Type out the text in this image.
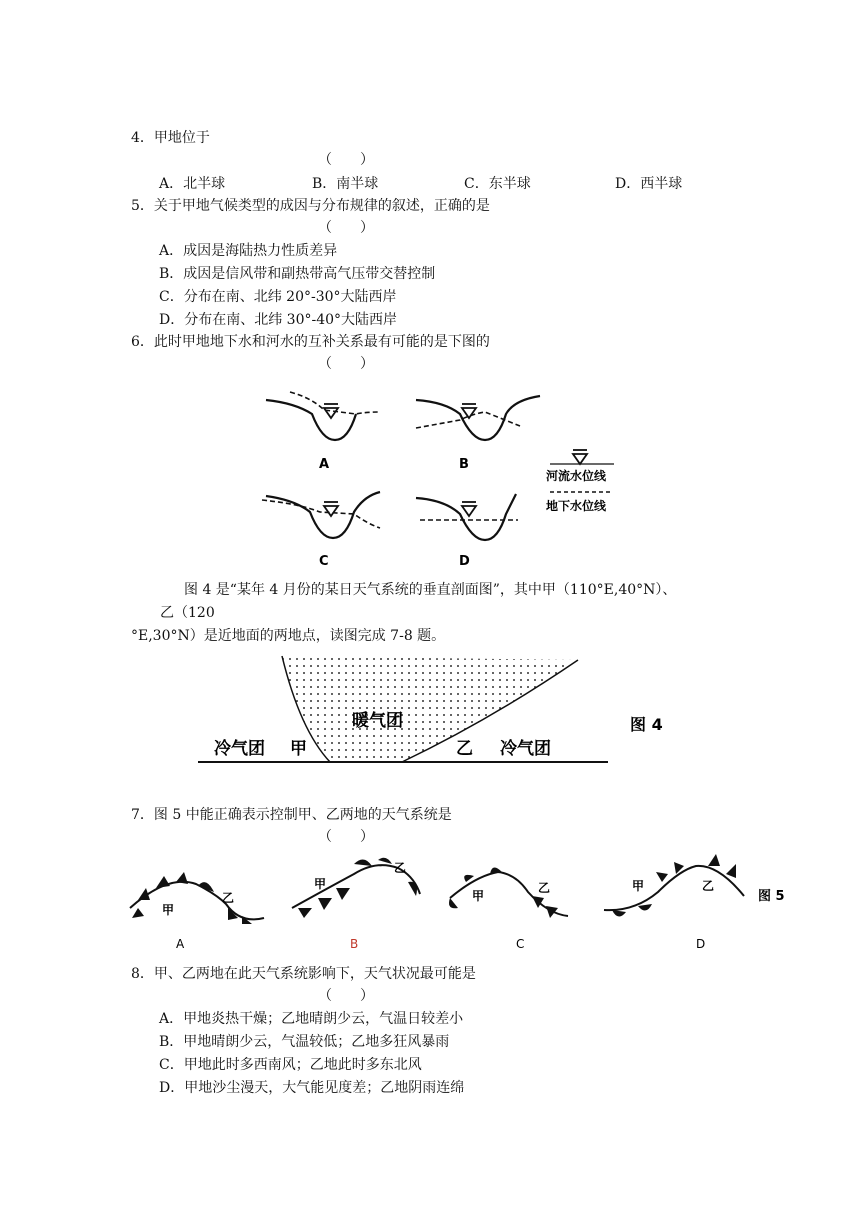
4．甲地位于
（　　）
A．北半球	B．南半球	C．东半球	D．西半球
5．关于甲地气候类型的成因与分布规律的叙述，正确的是
（　　）
A．成因是海陆热力性质差异
B．成因是信风带和副热带高气压带交替控制
C．分布在南、北纬 20°-30°大陆西岸
D．分布在南、北纬 30°-40°大陆西岸
6．此时甲地地下水和河水的互补关系最有可能的是下图的
（　　）
A	B
C	D
河流水位线
地下水位线
图 4 是“某年 4 月份的某日天气系统的垂直剖面图”，其中甲（110°E,40°N）、
乙（120
°E,30°N）是近地面的两地点，读图完成 7-8 题。
暖气团
冷气团 甲	乙 冷气团
图 4
7．图 5 中能正确表示控制甲、乙两地的天气系统是
（　　）
甲
乙
A
甲
乙
B
甲
乙
C
甲	乙
D
图 5
8．甲、乙两地在此天气系统影响下，天气状况最可能是
（　　）
A．甲地炎热干燥；乙地晴朗少云，气温日较差小
B．甲地晴朗少云，气温较低；乙地多狂风暴雨
C．甲地此时多西南风；乙地此时多东北风
D．甲地沙尘漫天，大气能见度差；乙地阴雨连绵
